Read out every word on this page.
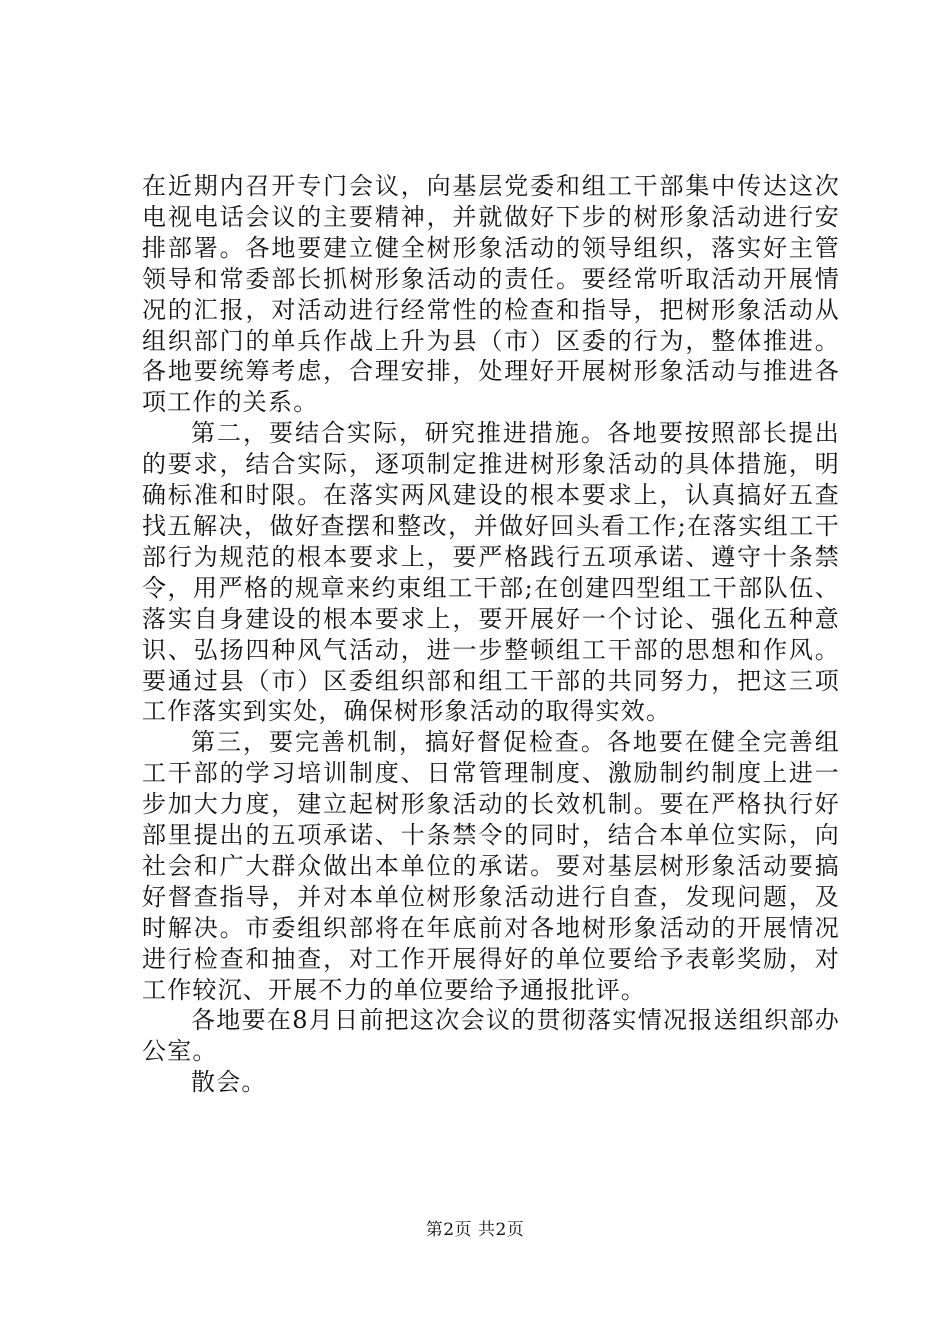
在近期内召开专门会议，向基层党委和组工干部集中传达这次电视电话会议的主要精神，并就做好下步的树形象活动进行安排部署。各地要建立健全树形象活动的领导组织，落实好主管领导和常委部长抓树形象活动的责任。要经常听取活动开展情况的汇报，对活动进行经常性的检查和指导，把树形象活动从组织部门的单兵作战上升为县（市）区委的行为，整体推进。各地要统筹考虑，合理安排，处理好开展树形象活动与推进各项工作的关系。

第二，要结合实际，研究推进措施。各地要按照部长提出的要求，结合实际，逐项制定推进树形象活动的具体措施，明确标准和时限。在落实两风建设的根本要求上，认真搞好五查找五解决，做好查摆和整改，并做好回头看工作;在落实组工干部行为规范的根本要求上，要严格践行五项承诺、遵守十条禁令，用严格的规章来约束组工干部;在创建四型组工干部队伍、落实自身建设的根本要求上，要开展好一个讨论、强化五种意识、弘扬四种风气活动，进一步整顿组工干部的思想和作风。要通过县（市）区委组织部和组工干部的共同努力，把这三项工作落实到实处，确保树形象活动的取得实效。

第三，要完善机制，搞好督促检查。各地要在健全完善组工干部的学习培训制度、日常管理制度、激励制约制度上进一步加大力度，建立起树形象活动的长效机制。要在严格执行好部里提出的五项承诺、十条禁令的同时，结合本单位实际，向社会和广大群众做出本单位的承诺。要对基层树形象活动要搞好督查指导，并对本单位树形象活动进行自查，发现问题，及时解决。市委组织部将在年底前对各地树形象活动的开展情况进行检查和抽查，对工作开展得好的单位要给予表彰奖励，对工作较沉、开展不力的单位要给予通报批评。

各地要在8月日前把这次会议的贯彻落实情况报送组织部办公室。

散会。

第2页 共2页
